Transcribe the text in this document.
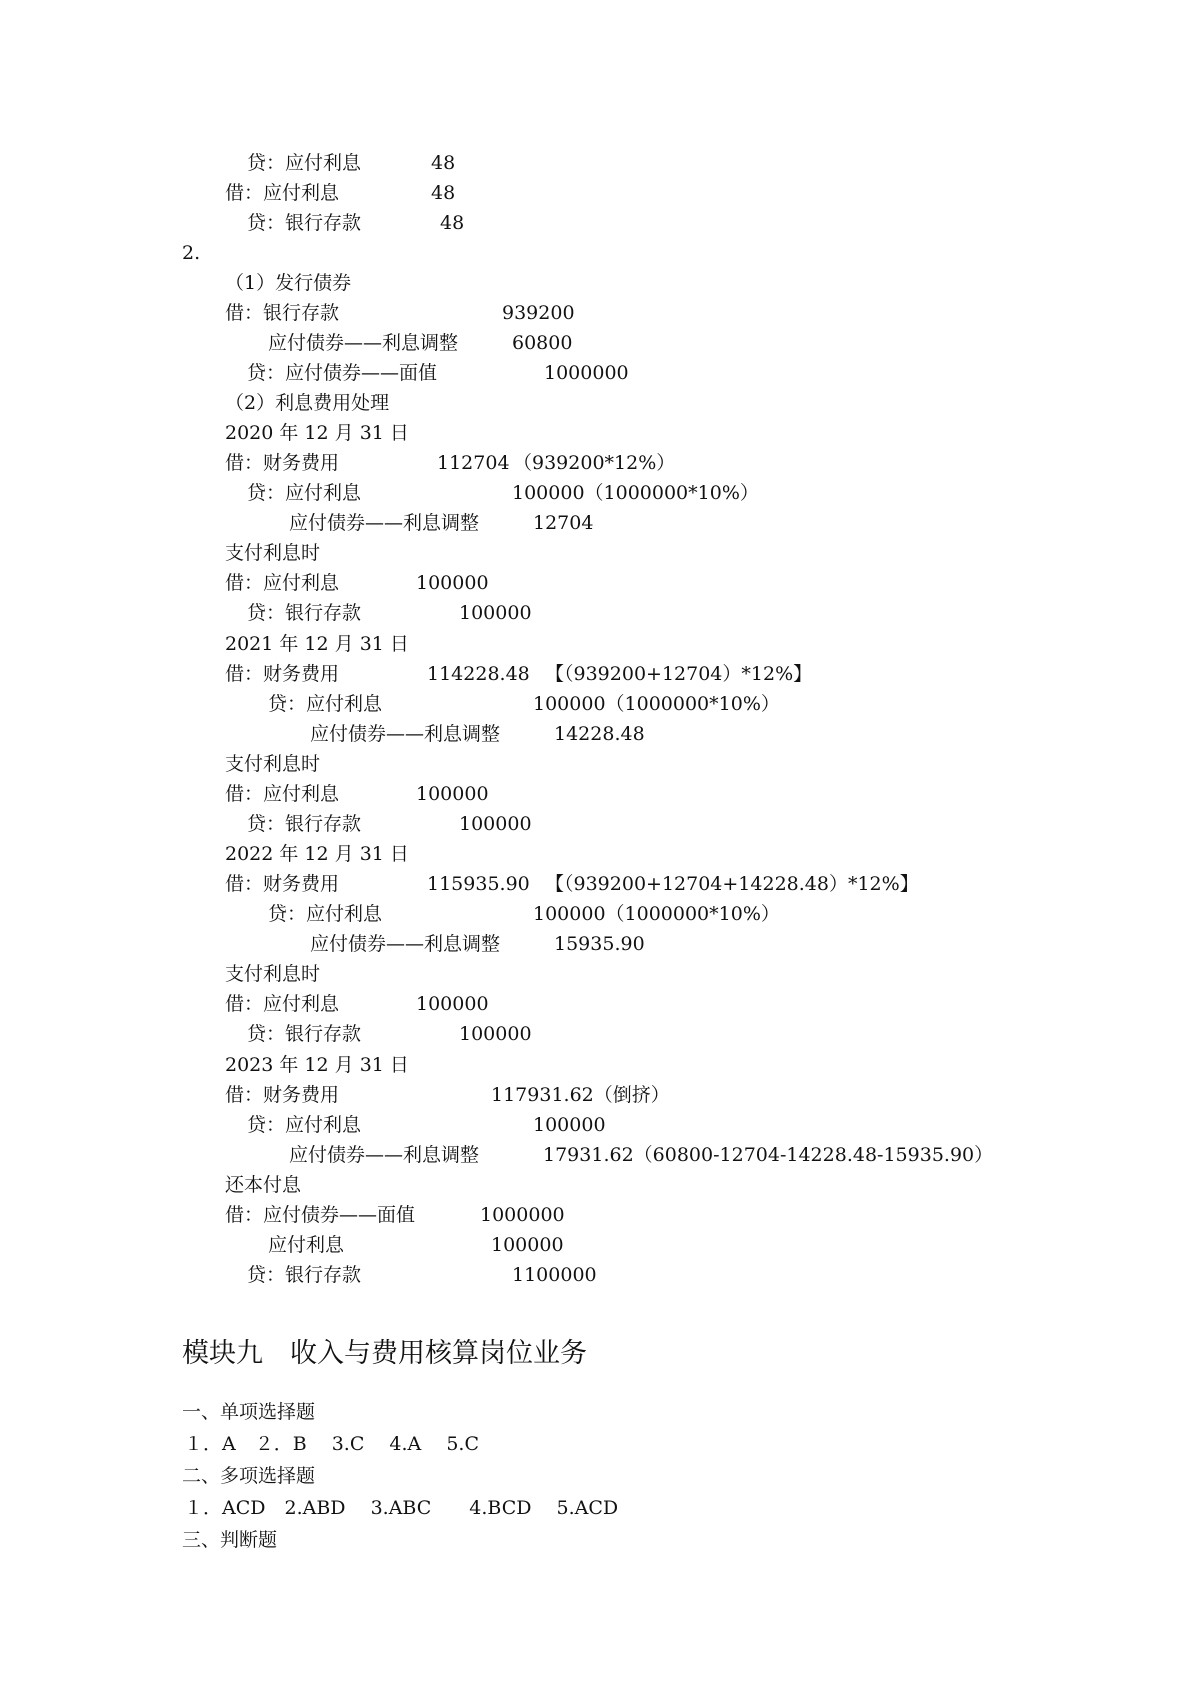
贷：应付利息	48
借：应付利息	48
贷：银行存款	48
2.
（1）发行债券
借：银行存款	939200
应付债券——利息调整	60800
贷：应付债券——面值	1000000
（2）利息费用处理
2020 年 12 月 31 日
借：财务费用	112704 （939200*12%）
贷：应付利息	100000（1000000*10%）
应付债券——利息调整	12704
支付利息时
借：应付利息	100000
贷：银行存款	100000
2021 年 12 月 31 日
借：财务费用	114228.48 【（939200+12704）*12%】
贷：应付利息	100000（1000000*10%）
应付债券——利息调整	14228.48
支付利息时
借：应付利息	100000
贷：银行存款	100000
2022 年 12 月 31 日
借：财务费用	115935.90 【（939200+12704+14228.48）*12%】
贷：应付利息	100000（1000000*10%）
应付债券——利息调整	15935.90
支付利息时
借：应付利息	100000
贷：银行存款	100000
2023 年 12 月 31 日
借：财务费用	117931.62（倒挤）
贷：应付利息	100000
应付债券——利息调整	17931.62（60800-12704-14228.48-15935.90）
还本付息
借：应付债券——面值	1000000
应付利息	100000
贷：银行存款	1100000
模块九　收入与费用核算岗位业务
一、单项选择题
１．A　２．B　 3.C　 4.A　 5.C
二、多项选择题
１．ACD　2.ABD　 3.ABC　　4.BCD　 5.ACD
三、判断题
